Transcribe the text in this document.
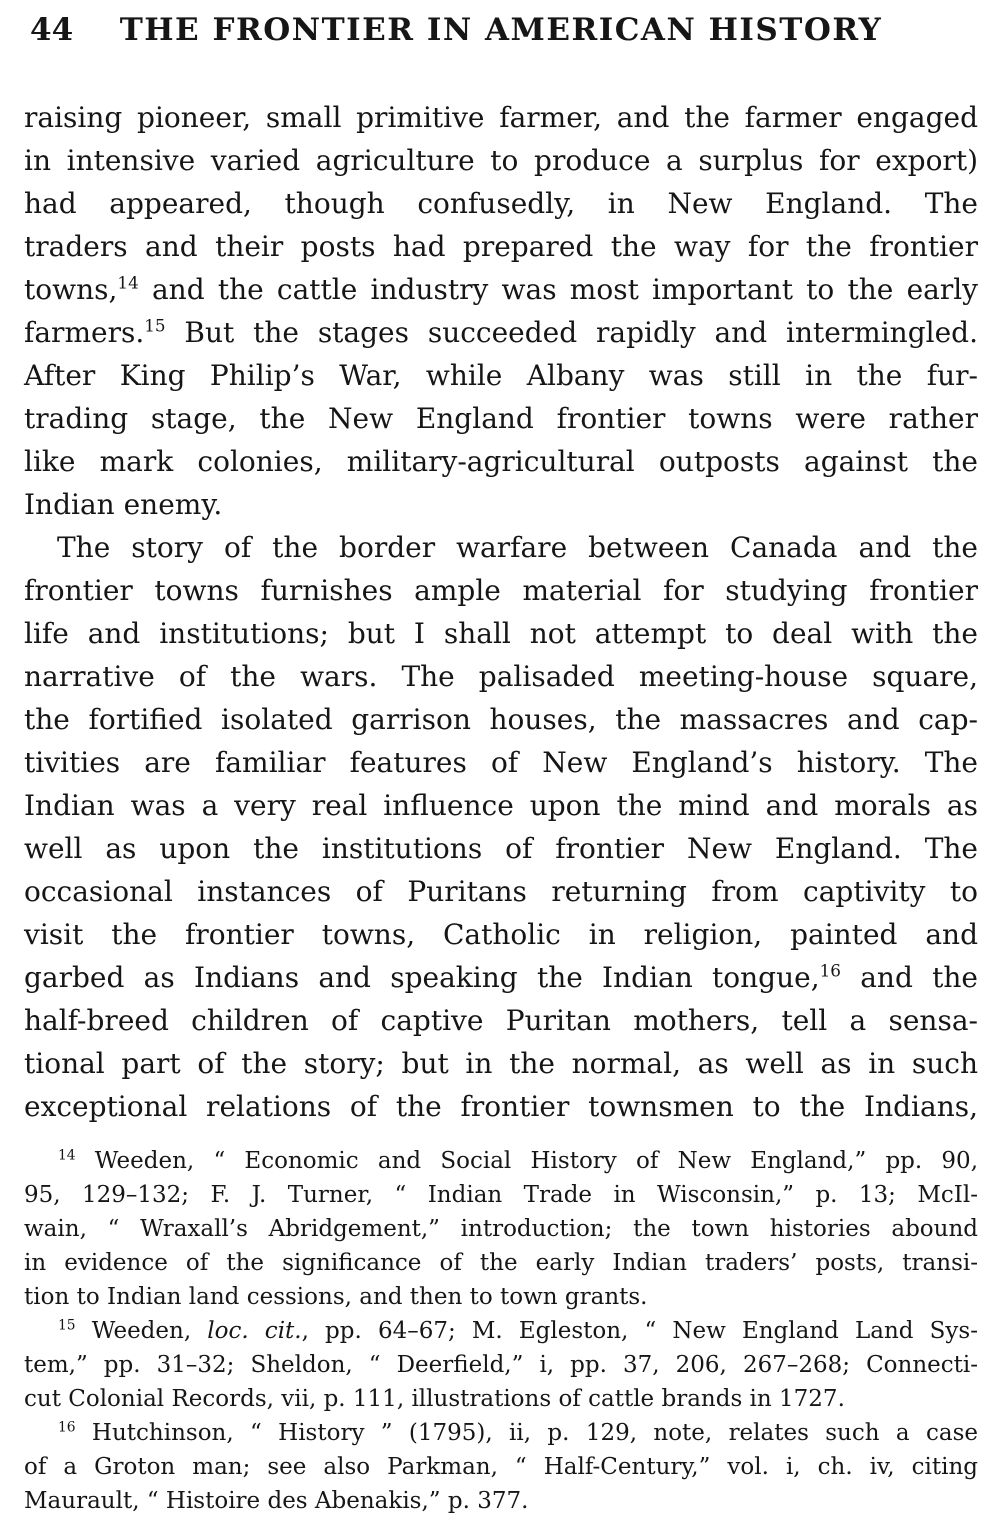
44	THE FRONTIER IN AMERICAN HISTORY
raising pioneer, small primitive farmer, and the farmer engaged
in intensive varied agriculture to produce a surplus for export)
had appeared, though confusedly, in New England. The
traders and their posts had prepared the way for the frontier
towns,$^{14}$ and the cattle industry was most important to the early
farmers.$^{15}$ But the stages succeeded rapidly and intermingled.
After King Philip’s War, while Albany was still in the fur-
trading stage, the New England frontier towns were rather
like mark colonies, military-agricultural outposts against the
Indian enemy.
The story of the border warfare between Canada and the
frontier towns furnishes ample material for studying frontier
life and institutions; but I shall not attempt to deal with the
narrative of the wars. The palisaded meeting-house square,
the fortified isolated garrison houses, the massacres and cap-
tivities are familiar features of New England’s history. The
Indian was a very real influence upon the mind and morals as
well as upon the institutions of frontier New England. The
occasional instances of Puritans returning from captivity to
visit the frontier towns, Catholic in religion, painted and
garbed as Indians and speaking the Indian tongue,$^{16}$ and the
half-breed children of captive Puritan mothers, tell a sensa-
tional part of the story; but in the normal, as well as in such
exceptional relations of the frontier townsmen to the Indians,
$^{14}$ Weeden, “ Economic and Social History of New England,” pp. 90,
95, 129–132; F. J. Turner, “ Indian Trade in Wisconsin,” p. 13; McIl-
wain, “ Wraxall’s Abridgement,” introduction; the town histories abound
in evidence of the significance of the early Indian traders’ posts, transi-
tion to Indian land cessions, and then to town grants.
$^{15}$ Weeden, loc. cit., pp. 64–67; M. Egleston, “ New England Land Sys-
tem,” pp. 31–32; Sheldon, “ Deerfield,” i, pp. 37, 206, 267–268; Connecti-
cut Colonial Records, vii, p. 111, illustrations of cattle brands in 1727.
$^{16}$ Hutchinson, “ History ” (1795), ii, p. 129, note, relates such a case
of a Groton man; see also Parkman, “ Half-Century,” vol. i, ch. iv, citing
Maurault, “ Histoire des Abenakis,” p. 377.
